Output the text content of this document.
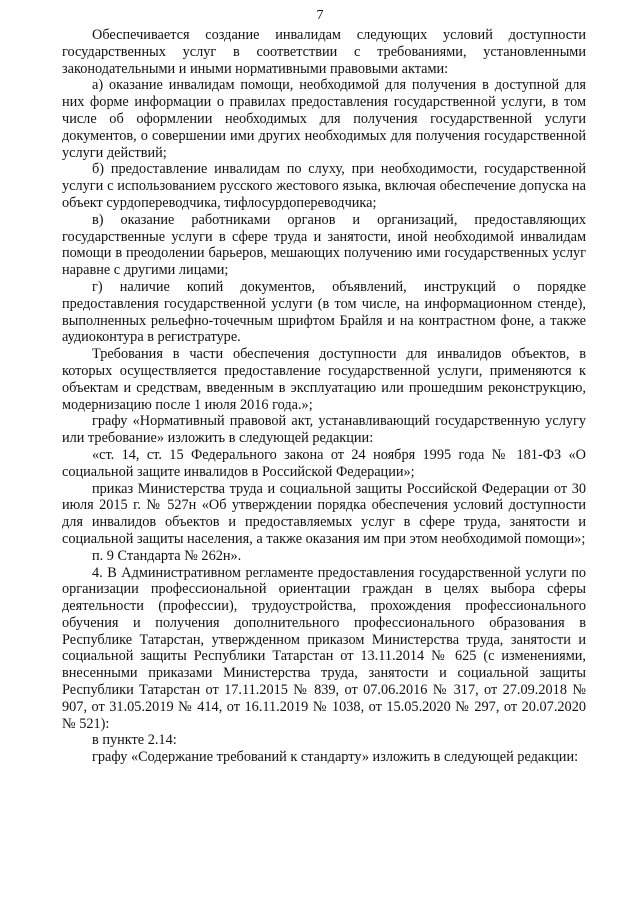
7

Обеспечивается создание инвалидам следующих условий доступности государственных услуг в соответствии с требованиями, установленными законодательными и иными нормативными правовыми актами:

а) оказание инвалидам помощи, необходимой для получения в доступной для них форме информации о правилах предоставления государственной услуги, в том числе об оформлении необходимых для получения государственной услуги документов, о совершении ими других необходимых для получения государственной услуги действий;

б) предоставление инвалидам по слуху, при необходимости, государственной услуги с использованием русского жестового языка, включая обеспечение допуска на объект сурдопереводчика, тифлосурдопереводчика;

в) оказание работниками органов и организаций, предоставляющих государственные услуги в сфере труда и занятости, иной необходимой инвалидам помощи в преодолении барьеров, мешающих получению ими государственных услуг наравне с другими лицами;

г) наличие копий документов, объявлений, инструкций о порядке предоставления государственной услуги (в том числе, на информационном стенде), выполненных рельефно-точечным шрифтом Брайля и на контрастном фоне, а также аудиоконтура в регистратуре.

Требования в части обеспечения доступности для инвалидов объектов, в которых осуществляется предоставление государственной услуги, применяются к объектам и средствам, введенным в эксплуатацию или прошедшим реконструкцию, модернизацию после 1 июля 2016 года.»;

графу «Нормативный правовой акт, устанавливающий государственную услугу или требование» изложить в следующей редакции:

«ст. 14, ст. 15 Федерального закона от 24 ноября 1995 года № 181-ФЗ «О социальной защите инвалидов в Российской Федерации»;

приказ Министерства труда и социальной защиты Российской Федерации от 30 июля 2015 г. № 527н «Об утверждении порядка обеспечения условий доступности для инвалидов объектов и предоставляемых услуг в сфере труда, занятости и социальной защиты населения, а также оказания им при этом необходимой помощи»;

п. 9 Стандарта № 262н».

4. В Административном регламенте предоставления государственной услуги по организации профессиональной ориентации граждан в целях выбора сферы деятельности (профессии), трудоустройства, прохождения профессионального обучения и получения дополнительного профессионального образования в Республике Татарстан, утвержденном приказом Министерства труда, занятости и социальной защиты Республики Татарстан от 13.11.2014 № 625 (с изменениями, внесенными приказами Министерства труда, занятости и социальной защиты Республики Татарстан от 17.11.2015 № 839, от 07.06.2016 № 317, от 27.09.2018 № 907, от 31.05.2019 № 414, от 16.11.2019 № 1038, от 15.05.2020 № 297, от 20.07.2020 № 521):

в пункте 2.14:

графу «Содержание требований к стандарту» изложить в следующей редакции:
